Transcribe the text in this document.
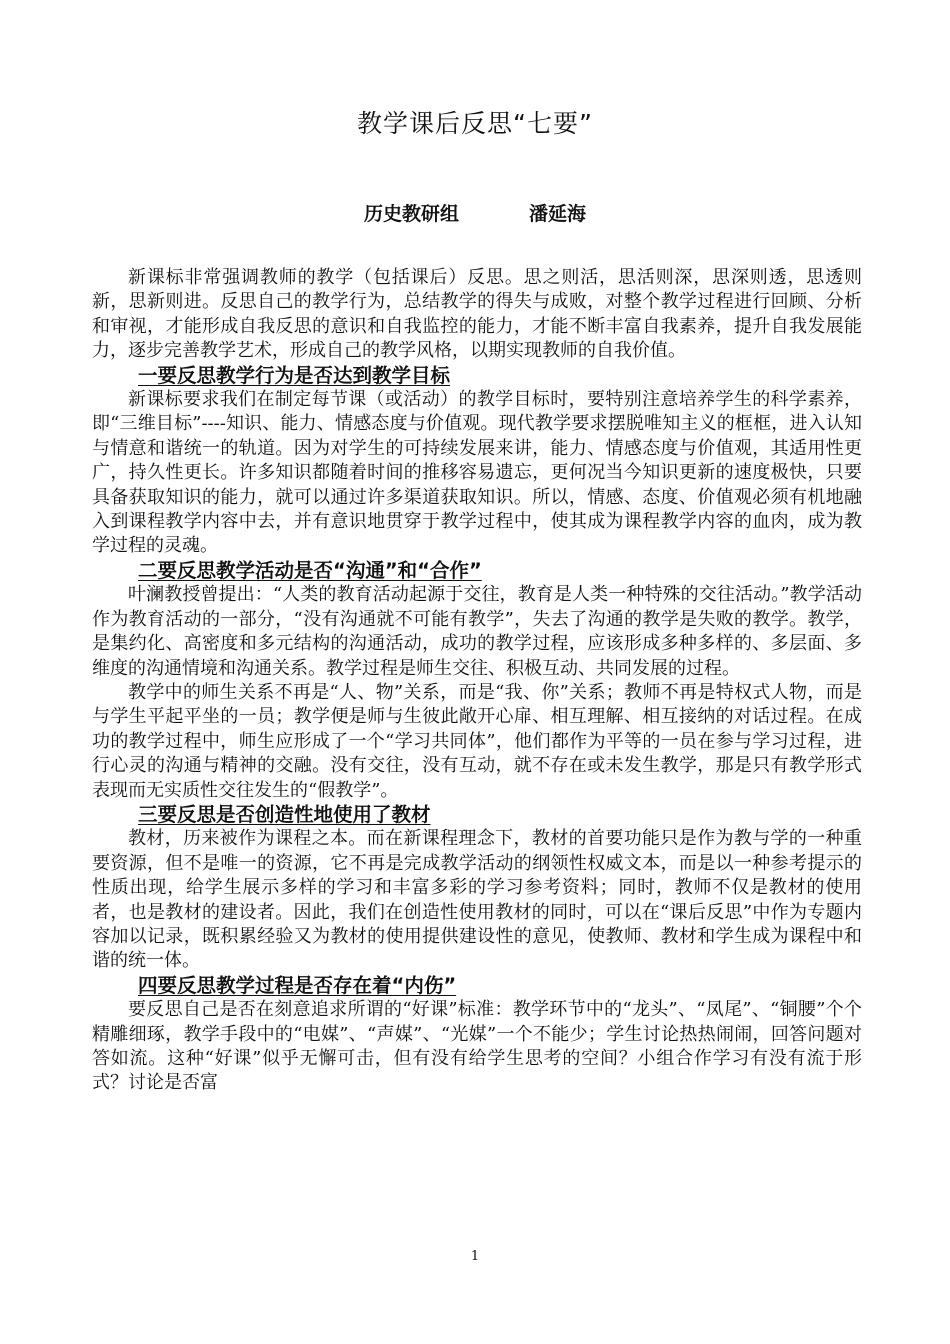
教学课后反思“七要”
历史教研组	潘延海

新课标非常强调教师的教学（包括课后）反思。思之则活，思活则深，思深则透，思透则新，思新则进。反思自己的教学行为，总结教学的得失与成败，对整个教学过程进行回顾、分析和审视，才能形成自我反思的意识和自我监控的能力，才能不断丰富自我素养，提升自我发展能力，逐步完善教学艺术，形成自己的教学风格，以期实现教师的自我价值。

一要反思教学行为是否达到教学目标

新课标要求我们在制定每节课（或活动）的教学目标时，要特别注意培养学生的科学素养，即“三维目标”----知识、能力、情感态度与价值观。现代教学要求摆脱唯知主义的框框，进入认知与情意和谐统一的轨道。因为对学生的可持续发展来讲，能力、情感态度与价值观，其适用性更广，持久性更长。许多知识都随着时间的推移容易遗忘，更何况当今知识更新的速度极快，只要具备获取知识的能力，就可以通过许多渠道获取知识。所以，情感、态度、价值观必须有机地融入到课程教学内容中去，并有意识地贯穿于教学过程中，使其成为课程教学内容的血肉，成为教学过程的灵魂。

二要反思教学活动是否“沟通”和“合作”

叶澜教授曾提出：“人类的教育活动起源于交往，教育是人类一种特殊的交往活动。”教学活动作为教育活动的一部分，“没有沟通就不可能有教学”，失去了沟通的教学是失败的教学。教学，是集约化、高密度和多元结构的沟通活动，成功的教学过程，应该形成多种多样的、多层面、多维度的沟通情境和沟通关系。教学过程是师生交往、积极互动、共同发展的过程。

教学中的师生关系不再是“人、物”关系，而是“我、你”关系；教师不再是特权式人物，而是与学生平起平坐的一员；教学便是师与生彼此敞开心扉、相互理解、相互接纳的对话过程。在成功的教学过程中，师生应形成了一个“学习共同体”，他们都作为平等的一员在参与学习过程，进行心灵的沟通与精神的交融。没有交往，没有互动，就不存在或未发生教学，那是只有教学形式表现而无实质性交往发生的“假教学”。

三要反思是否创造性地使用了教材

教材，历来被作为课程之本。而在新课程理念下，教材的首要功能只是作为教与学的一种重要资源，但不是唯一的资源，它不再是完成教学活动的纲领性权威文本，而是以一种参考提示的性质出现，给学生展示多样的学习和丰富多彩的学习参考资料；同时，教师不仅是教材的使用者，也是教材的建设者。因此，我们在创造性使用教材的同时，可以在“课后反思”中作为专题内容加以记录，既积累经验又为教材的使用提供建设性的意见，使教师、教材和学生成为课程中和谐的统一体。

四要反思教学过程是否存在着“内伤”

要反思自己是否在刻意追求所谓的“好课”标准：教学环节中的“龙头”、“凤尾”、“铜腰”个个精雕细琢，教学手段中的“电媒”、“声媒”、“光媒”一个不能少；学生讨论热热闹闹，回答问题对答如流。这种“好课”似乎无懈可击，但有没有给学生思考的空间？小组合作学习有没有流于形式？讨论是否富

1
